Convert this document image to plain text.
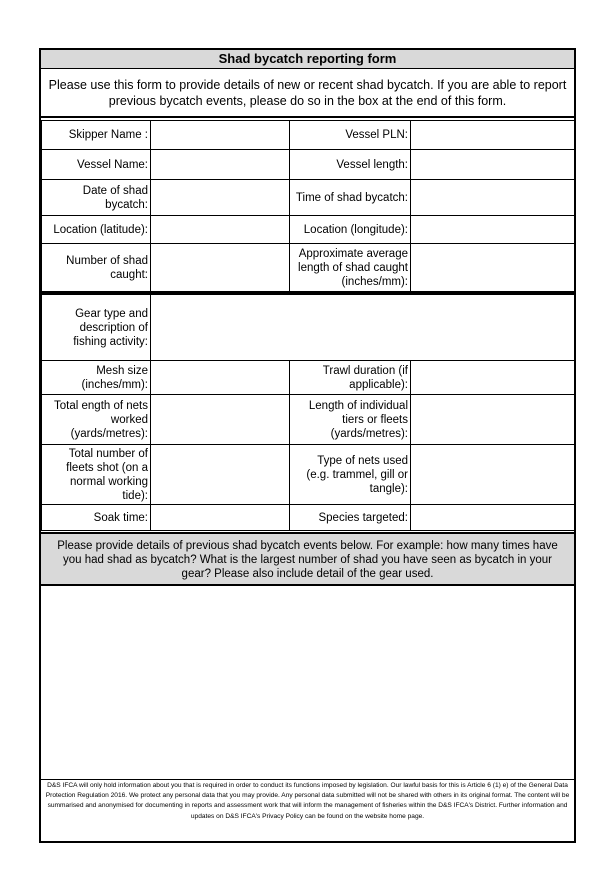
Shad bycatch reporting form
Please use this form to provide details of new or recent shad bycatch. If you are able to report previous bycatch events, please do so in the box at the end of this form.
Skipper Name :		Vessel PLN:	
Vessel Name:		Vessel length:	
Date of shad bycatch:		Time of shad bycatch:	
Location (latitude):		Location (longitude):	
Number of shad caught:		Approximate average length of shad caught (inches/mm):	
Gear type and description of fishing activity:			
Mesh size (inches/mm):		Trawl duration (if applicable):	
Total ength of nets worked (yards/metres):		Length of individual tiers or fleets (yards/metres):	
Total number of fleets shot (on a normal working tide):		Type of nets used (e.g. trammel, gill or tangle):	
Soak time:		Species targeted:	
Please provide details of previous shad bycatch events below. For example: how many times have you had shad as bycatch? What is the largest number of shad you have seen as bycatch in your gear? Please also include detail of the gear used.
D&S IFCA will only hold information about you that is required in order to conduct its functions imposed by legislation. Our lawful basis for this is Article 6 (1) e) of the General Data Protection Regulation 2016. We protect any personal data that you may provide. Any personal data submitted will not be shared with others in its original format. The content will be summarised and anonymised for documenting in reports and assessment work that will inform the management of fisheries within the D&S IFCA's District. Further information and updates on D&S IFCA's Privacy Policy can be found on the website home page.
